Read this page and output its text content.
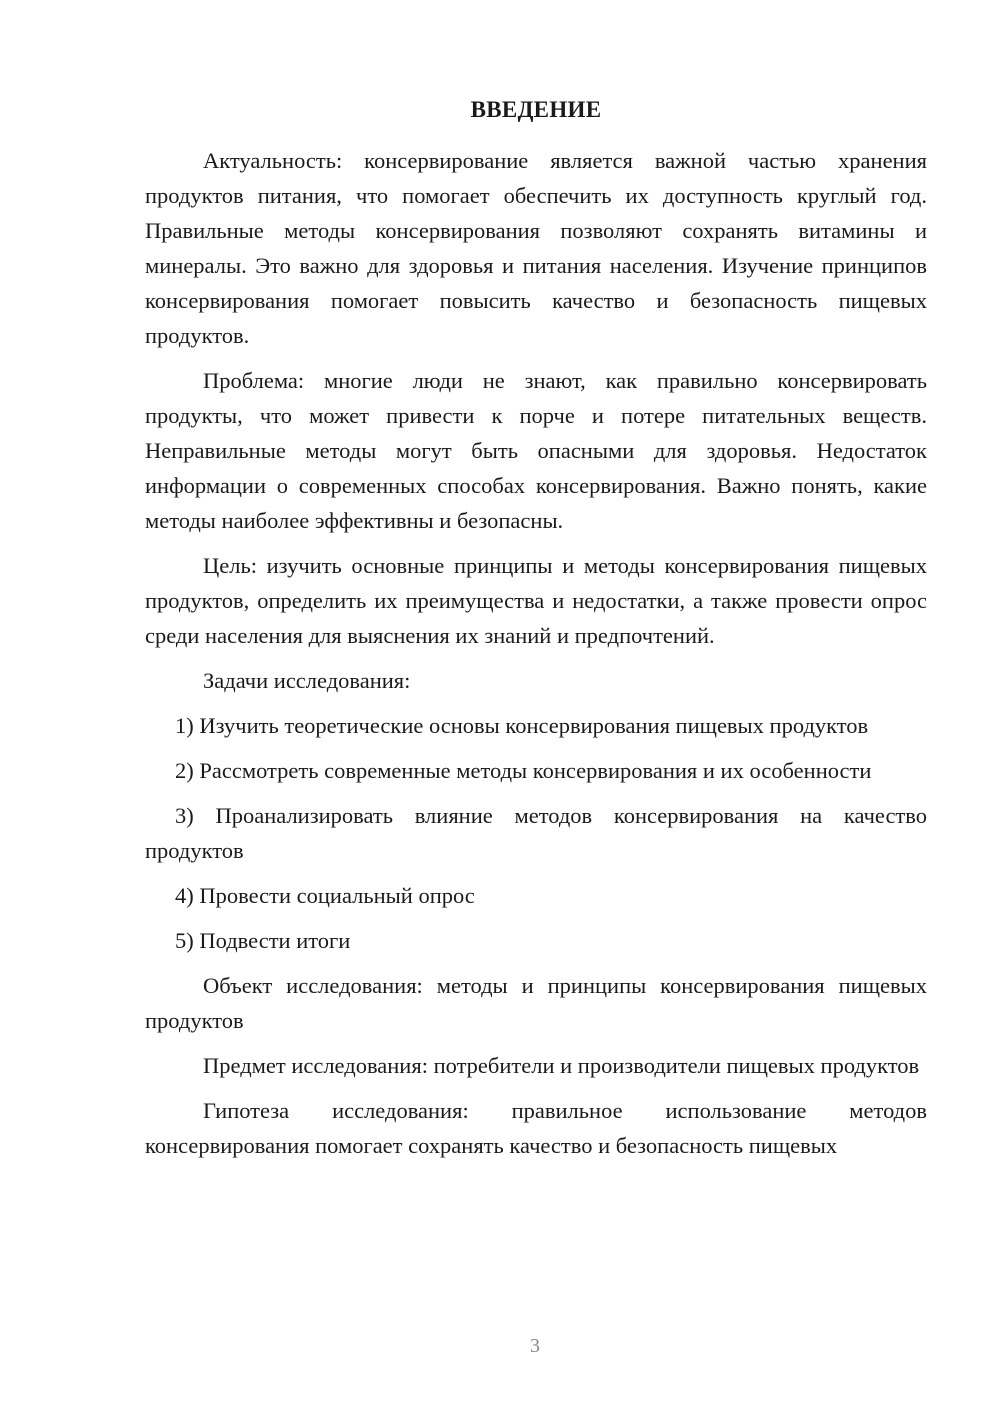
ВВЕДЕНИЕ

Актуальность: консервирование является важной частью хранения продуктов питания, что помогает обеспечить их доступность круглый год. Правильные методы консервирования позволяют сохранять витамины и минералы. Это важно для здоровья и питания населения. Изучение принципов консервирования помогает повысить качество и безопасность пищевых продуктов.

Проблема: многие люди не знают, как правильно консервировать продукты, что может привести к порче и потере питательных веществ. Неправильные методы могут быть опасными для здоровья. Недостаток информации о современных способах консервирования. Важно понять, какие методы наиболее эффективны и безопасны.

Цель: изучить основные принципы и методы консервирования пищевых продуктов, определить их преимущества и недостатки, а также провести опрос среди населения для выяснения их знаний и предпочтений.

Задачи исследования:

1) Изучить теоретические основы консервирования пищевых продуктов

2) Рассмотреть современные методы консервирования и их особенности

3) Проанализировать влияние методов консервирования на качество продуктов

4) Провести социальный опрос

5) Подвести итоги

Объект исследования: методы и принципы консервирования пищевых продуктов

Предмет исследования: потребители и производители пищевых продуктов

Гипотеза исследования: правильное использование методов консервирования помогает сохранять качество и безопасность пищевых

3
